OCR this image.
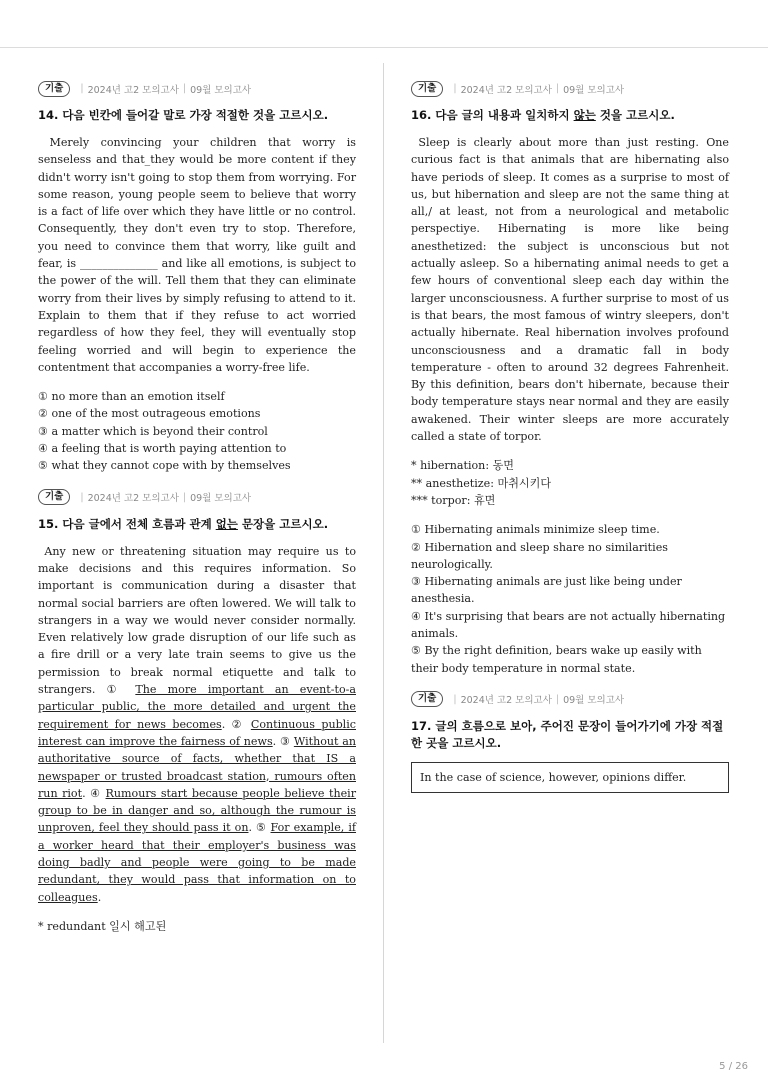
기출	| 2024년 고2 모의고사 | 09월 모의고사
14. 다음 빈칸에 들어갈 말로 가장 적절한 것을 고르시오.

Merely convincing your children that worry is senseless and that_they would be more content if they didn't worry isn't going to stop them from worrying. For some reason, young people seem to believe that worry is a fact of life over which they have little or no control. Consequently, they don't even try to stop. Therefore, you need to convince them that worry, like guilt and fear, is ______________ and like all emotions, is subject to the power of the will. Tell them that they can eliminate worry from their lives by simply refusing to attend to it. Explain to them that if they refuse to act worried regardless of how they feel, they will eventually stop feeling worried and will begin to experience the contentment that accompanies a worry-free life.

① no more than an emotion itself
② one of the most outrageous emotions
③ a matter which is beyond their control
④ a feeling that is worth paying attention to
⑤ what they cannot cope with by themselves
기출	| 2024년 고2 모의고사 | 09월 모의고사
15. 다음 글에서 전체 흐름과 관계 없는 문장을 고르시오.

Any new or threatening situation may require us to make decisions and this requires information. So important is communication during a disaster that normal social barriers are often lowered. We will talk to strangers in a way we would never consider normally. Even relatively low grade disruption of our life such as a fire drill or a very late train seems to give us the permission to break normal etiquette and talk to strangers. ① The more important an event-to-a particular public, the more detailed and urgent the requirement for news becomes. ② Continuous public interest can improve the fairness of news. ③ Without an authoritative source of facts, whether that IS a newspaper or trusted broadcast station, rumours often run riot. ④ Rumours start because people believe their group to be in danger and so, although the rumour is unproven, feel they should pass it on. ⑤ For example, if a worker heard that their employer's business was doing badly and people were going to be made redundant, they would pass that information on to colleagues.

* redundant 일시 해고된
기출	| 2024년 고2 모의고사 | 09월 모의고사
16. 다음 글의 내용과 일치하지 않는 것을 고르시오.

Sleep is clearly about more than just resting. One curious fact is that animals that are hibernating also have periods of sleep. It comes as a surprise to most of us, but hibernation and sleep are not the same thing at all,/ at least, not from a neurological and metabolic perspectiye. Hibernating is more like being anesthetized: the subject is unconscious but not actually asleep. So a hibernating animal needs to get a few hours of conventional sleep each day within the larger unconsciousness. A further surprise to most of us is that bears, the most famous of wintry sleepers, don't actually hibernate. Real hibernation involves profound unconsciousness and a dramatic fall in body temperature - often to around 32 degrees Fahrenheit. By this definition, bears don't hibernate, because their body temperature stays near normal and they are easily awakened. Their winter sleeps are more accurately called a state of torpor.

* hibernation: 동면
** anesthetize: 마취시키다
*** torpor: 휴면
① Hibernating animals minimize sleep time.
② Hibernation and sleep share no similarities neurologically.
③ Hibernating animals are just like being under anesthesia.
④ It's surprising that bears are not actually hibernating animals.
⑤ By the right definition, bears wake up easily with their body temperature in normal state.
기출	| 2024년 고2 모의고사 | 09월 모의고사
17. 글의 흐름으로 보아, 주어진 문장이 들어가기에 가장 적절한 곳을 고르시오.
In the case of science, however, opinions differ.
5 / 26
